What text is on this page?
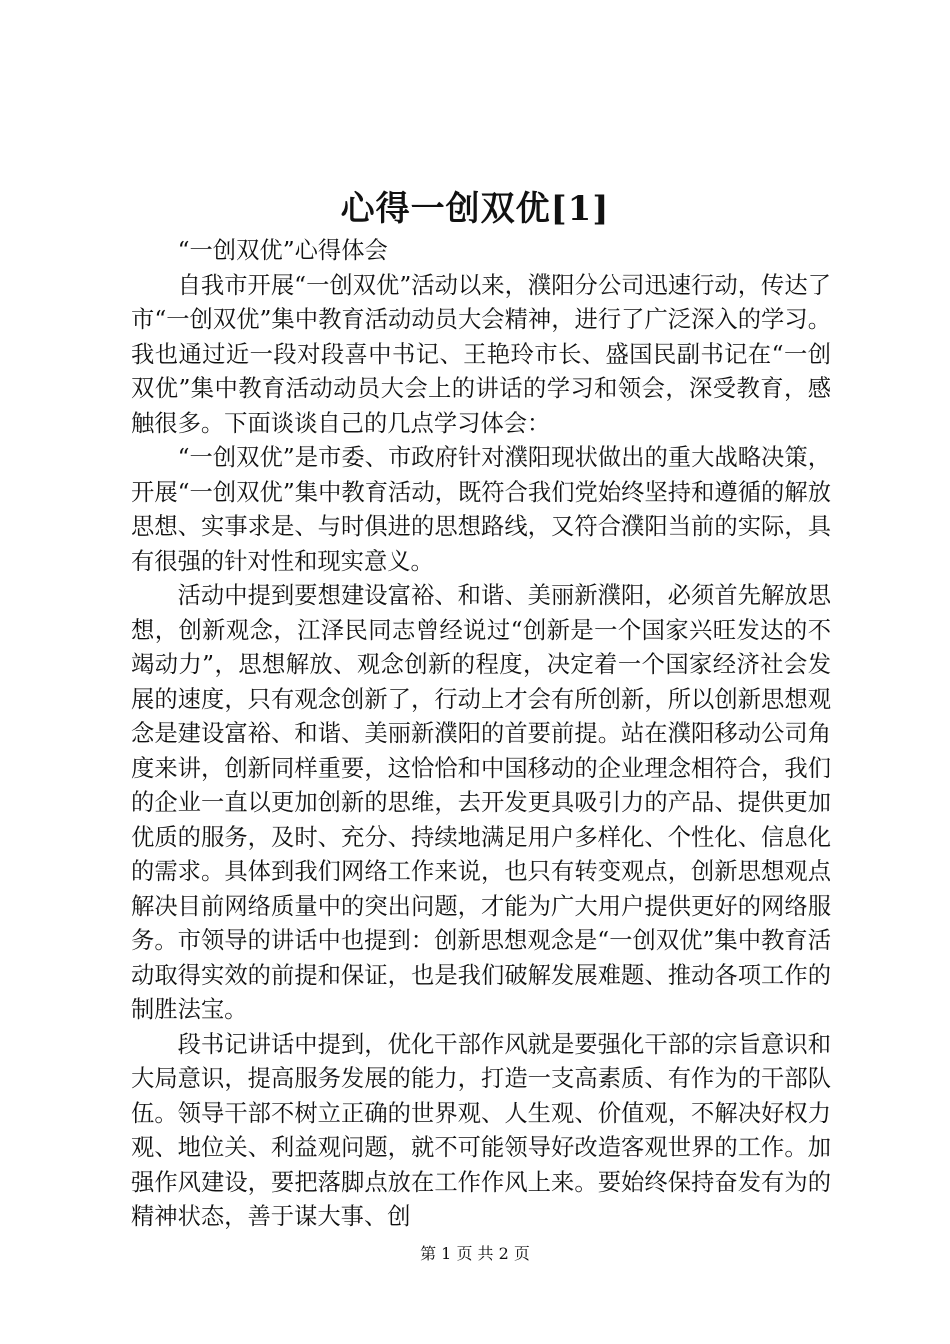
心得一创双优[1]

“一创双优”心得体会

自我市开展“一创双优”活动以来，濮阳分公司迅速行动，传达了市“一创双优”集中教育活动动员大会精神，进行了广泛深入的学习。我也通过近一段对段喜中书记、王艳玲市长、盛国民副书记在“一创双优”集中教育活动动员大会上的讲话的学习和领会，深受教育，感触很多。下面谈谈自己的几点学习体会：

“一创双优”是市委、市政府针对濮阳现状做出的重大战略决策，开展“一创双优”集中教育活动，既符合我们党始终坚持和遵循的解放思想、实事求是、与时俱进的思想路线，又符合濮阳当前的实际，具有很强的针对性和现实意义。

活动中提到要想建设富裕、和谐、美丽新濮阳，必须首先解放思想，创新观念，江泽民同志曾经说过“创新是一个国家兴旺发达的不竭动力”，思想解放、观念创新的程度，决定着一个国家经济社会发展的速度，只有观念创新了，行动上才会有所创新，所以创新思想观念是建设富裕、和谐、美丽新濮阳的首要前提。站在濮阳移动公司角度来讲，创新同样重要，这恰恰和中国移动的企业理念相符合，我们的企业一直以更加创新的思维，去开发更具吸引力的产品、提供更加优质的服务，及时、充分、持续地满足用户多样化、个性化、信息化的需求。具体到我们网络工作来说，也只有转变观点，创新思想观点解决目前网络质量中的突出问题，才能为广大用户提供更好的网络服务。市领导的讲话中也提到：创新思想观念是“一创双优”集中教育活动取得实效的前提和保证，也是我们破解发展难题、推动各项工作的制胜法宝。

段书记讲话中提到，优化干部作风就是要强化干部的宗旨意识和大局意识，提高服务发展的能力，打造一支高素质、有作为的干部队伍。领导干部不树立正确的世界观、人生观、价值观，不解决好权力观、地位关、利益观问题，就不可能领导好改造客观世界的工作。加强作风建设，要把落脚点放在工作作风上来。要始终保持奋发有为的精神状态，善于谋大事、创

第 1 页 共 2 页
